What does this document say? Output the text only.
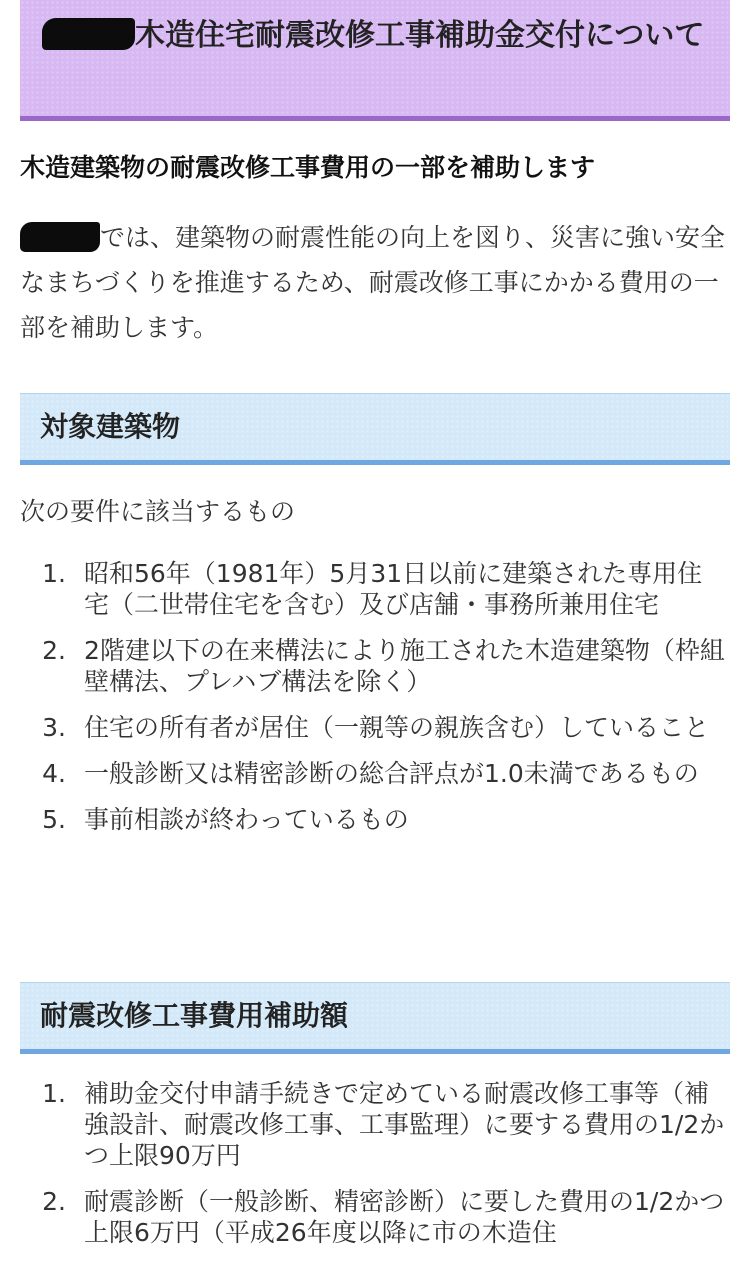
木造住宅耐震改修工事補助金交付について
木造建築物の耐震改修工事費用の一部を補助します
では、建築物の耐震性能の向上を図り、災害に強い安全なまちづくりを推進するため、耐震改修工事にかかる費用の一部を補助します。
対象建築物
次の要件に該当するもの
1. 昭和56年（1981年）5月31日以前に建築された専用住宅（二世帯住宅を含む）及び店舗・事務所兼用住宅
2. 2階建以下の在来構法により施工された木造建築物（枠組壁構法、プレハブ構法を除く）
3. 住宅の所有者が居住（一親等の親族含む）していること
4. 一般診断又は精密診断の総合評点が1.0未満であるもの
5. 事前相談が終わっているもの
耐震改修工事費用補助額
1. 補助金交付申請手続きで定めている耐震改修工事等（補強設計、耐震改修工事、工事監理）に要する費用の1/2かつ上限90万円
2. 耐震診断（一般診断、精密診断）に要した費用の1/2かつ上限6万円（平成26年度以降に市の木造住
